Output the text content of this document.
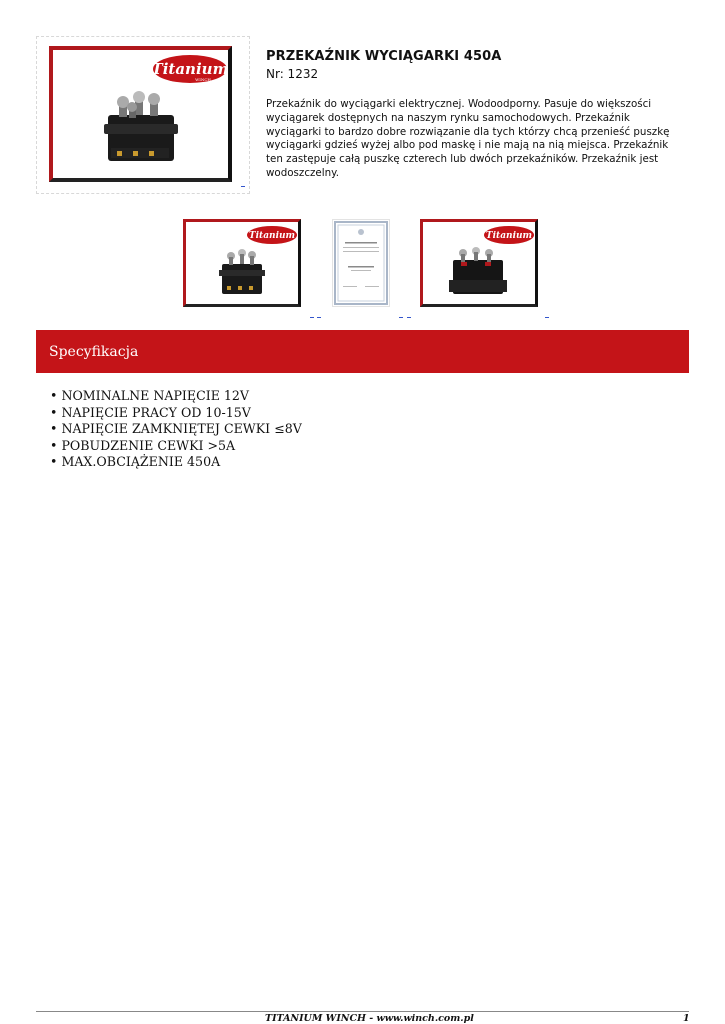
Titanium
WINCH
PRZEKAŹNIK WYCIĄGARKI 450A
Nr: 1232
Przekaźnik do wyciągarki elektrycznej. Wodoodporny. Pasuje do większości wyciągarek dostępnych na naszym rynku samochodowych. Przekaźnik wyciągarki to bardzo dobre rozwiązanie dla tych którzy chcą przenieść puszkę wyciągarki gdzieś wyżej albo pod maskę i nie mają na nią miejsca. Przekaźnik ten zastępuje całą puszkę czterech lub dwóch przekaźników. Przekaźnik jest wodoszczelny.
Titanium	Titanium
Specyfikacja
• NOMINALNE NAPIĘCIE 12V
• NAPIĘCIE PRACY OD 10-15V
• NAPIĘCIE ZAMKNIĘTEJ CEWKI ≤8V
• POBUDZENIE CEWKI >5A
• MAX.OBCIĄŻENIE 450A
TITANIUM WINCH - www.winch.com.pl	1
